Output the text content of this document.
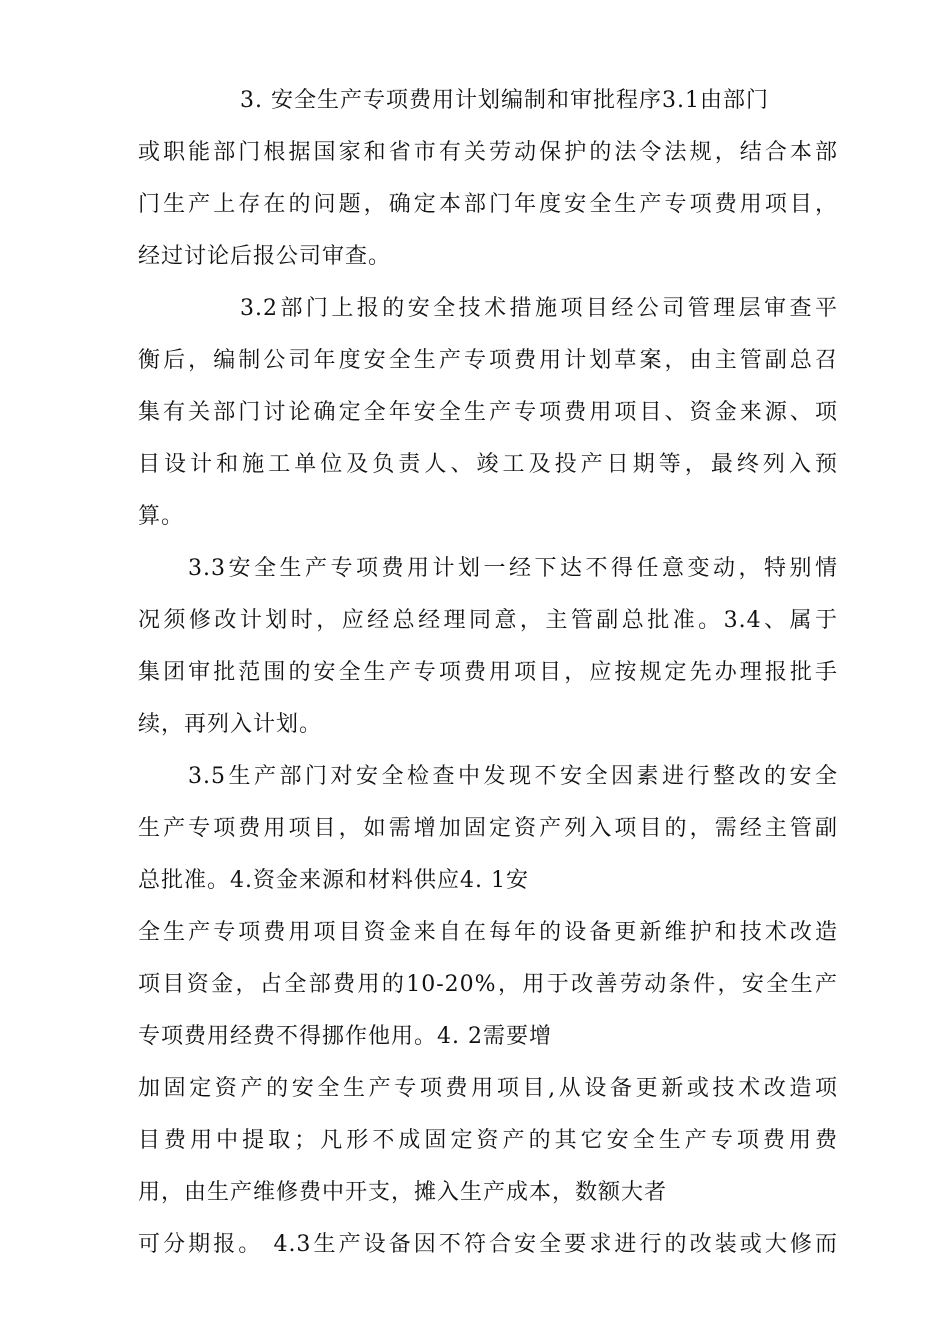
3. 安全生产专项费用计划编制和审批程序3.1由部门
或职能部门根据国家和省市有关劳动保护的法令法规，结合本部
门生产上存在的问题，确定本部门年度安全生产专项费用项目，
经过讨论后报公司审查。
3.2部门上报的安全技术措施项目经公司管理层审查平
衡后，编制公司年度安全生产专项费用计划草案，由主管副总召
集有关部门讨论确定全年安全生产专项费用项目、资金来源、项
目设计和施工单位及负责人、竣工及投产日期等，最终列入预
算。
3.3安全生产专项费用计划一经下达不得任意变动，特别情
况须修改计划时，应经总经理同意，主管副总批准。3.4、属于
集团审批范围的安全生产专项费用项目，应按规定先办理报批手
续，再列入计划。
3.5生产部门对安全检查中发现不安全因素进行整改的安全
生产专项费用项目，如需增加固定资产列入项目的，需经主管副
总批准。4.资金来源和材料供应4. 1安
全生产专项费用项目资金来自在每年的设备更新维护和技术改造
项目资金，占全部费用的10-20%，用于改善劳动条件，安全生产
专项费用经费不得挪作他用。4. 2需要增
加固定资产的安全生产专项费用项目,从设备更新或技术改造项
目费用中提取；凡形不成固定资产的其它安全生产专项费用费
用，由生产维修费中开支，摊入生产成本，数额大者
可分期报。 4.3生产设备因不符合安全要求进行的改装或大修而
